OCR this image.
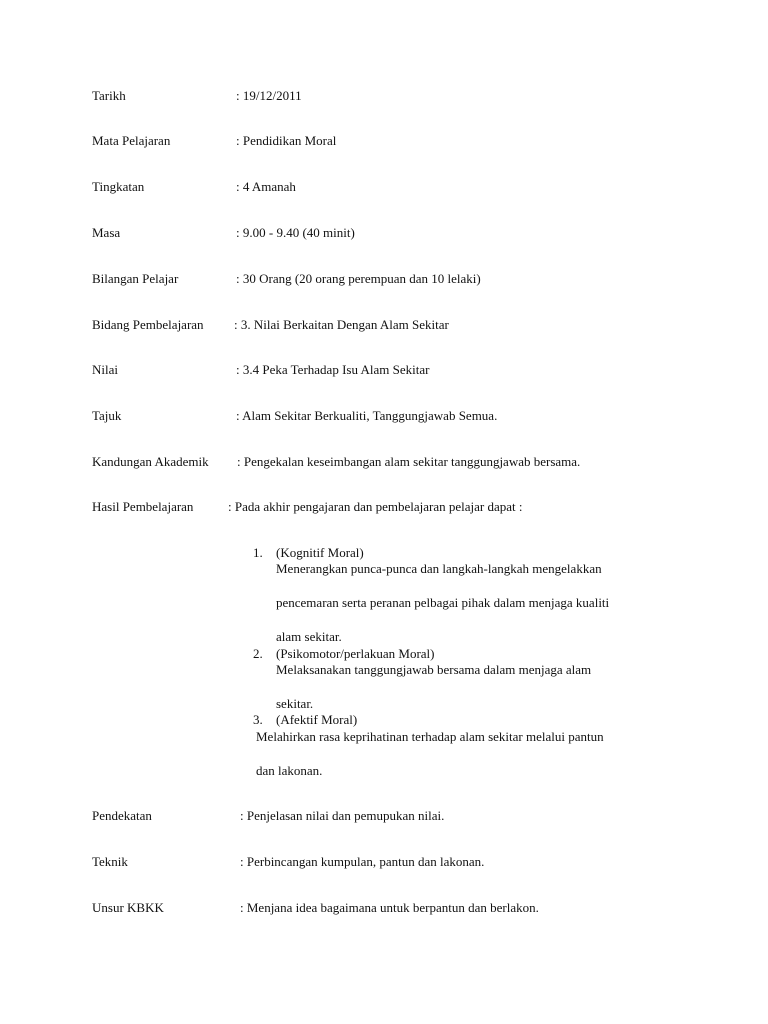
Tarikh	: 19/12/2011
Mata Pelajaran	: Pendidikan Moral
Tingkatan	: 4 Amanah
Masa	: 9.00 - 9.40 (40 minit)
Bilangan Pelajar	: 30 Orang (20 orang perempuan dan 10 lelaki)
Bidang Pembelajaran : 3. Nilai Berkaitan Dengan Alam Sekitar
Nilai	: 3.4 Peka Terhadap Isu Alam Sekitar
Tajuk	: Alam Sekitar Berkualiti, Tanggungjawab Semua.
Kandungan Akademik : Pengekalan keseimbangan alam sekitar tanggungjawab bersama.
Hasil Pembelajaran	: Pada akhir pengajaran dan pembelajaran pelajar dapat :
1. (Kognitif Moral)
Menerangkan punca-punca dan langkah-langkah mengelakkan
pencemaran serta peranan pelbagai pihak dalam menjaga kualiti
alam sekitar.
2. (Psikomotor/perlakuan Moral)
Melaksanakan tanggungjawab bersama dalam menjaga alam
sekitar.
3. (Afektif Moral)
Melahirkan rasa keprihatinan terhadap alam sekitar melalui pantun
dan lakonan.
Pendekatan	: Penjelasan nilai dan pemupukan nilai.
Teknik	: Perbincangan kumpulan, pantun dan lakonan.
Unsur KBKK	: Menjana idea bagaimana untuk berpantun dan berlakon.
